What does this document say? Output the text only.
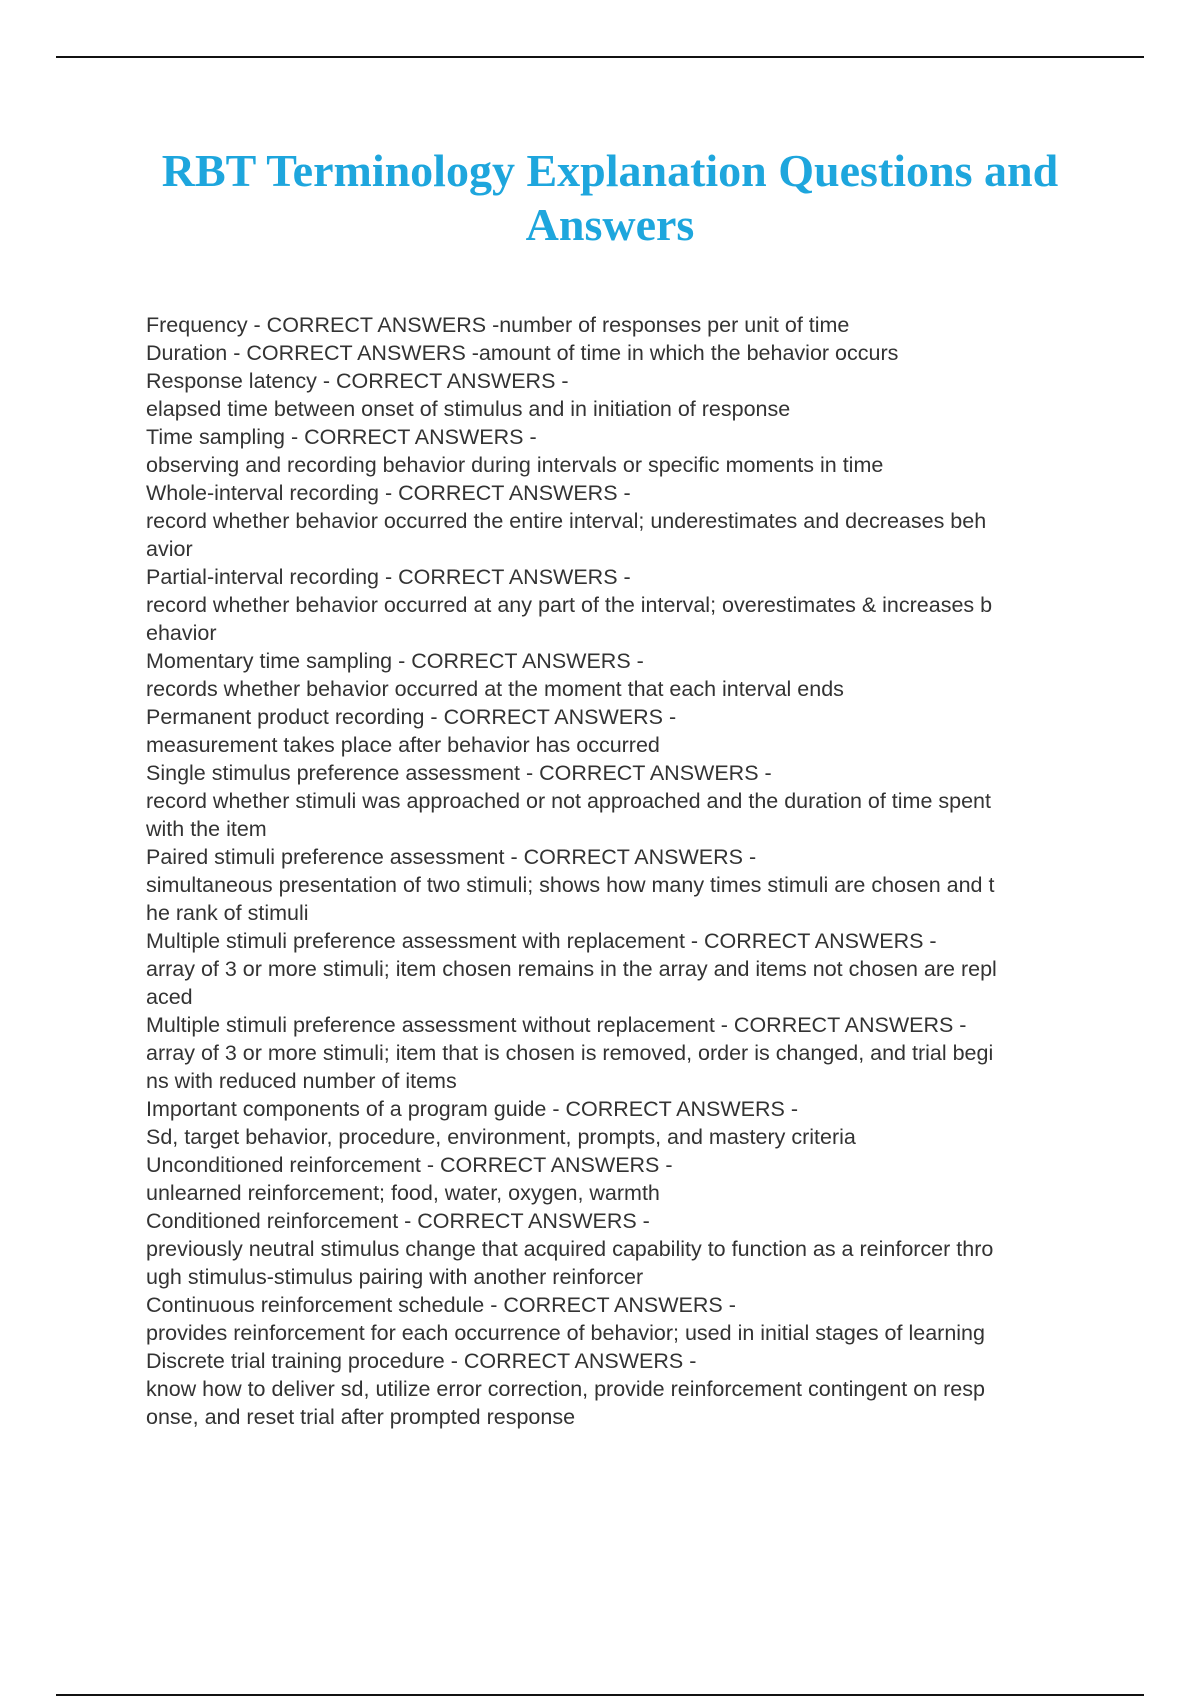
RBT Terminology Explanation Questions and
Answers
Frequency - CORRECT ANSWERS -number of responses per unit of time
Duration - CORRECT ANSWERS -amount of time in which the behavior occurs
Response latency - CORRECT ANSWERS -
elapsed time between onset of stimulus and in initiation of response
Time sampling - CORRECT ANSWERS -
observing and recording behavior during intervals or specific moments in time
Whole-interval recording - CORRECT ANSWERS -
record whether behavior occurred the entire interval; underestimates and decreases beh
avior
Partial-interval recording - CORRECT ANSWERS -
record whether behavior occurred at any part of the interval; overestimates & increases b
ehavior
Momentary time sampling - CORRECT ANSWERS -
records whether behavior occurred at the moment that each interval ends
Permanent product recording - CORRECT ANSWERS -
measurement takes place after behavior has occurred
Single stimulus preference assessment - CORRECT ANSWERS -
record whether stimuli was approached or not approached and the duration of time spent
with the item
Paired stimuli preference assessment - CORRECT ANSWERS -
simultaneous presentation of two stimuli; shows how many times stimuli are chosen and t
he rank of stimuli
Multiple stimuli preference assessment with replacement - CORRECT ANSWERS -
array of 3 or more stimuli; item chosen remains in the array and items not chosen are repl
aced
Multiple stimuli preference assessment without replacement - CORRECT ANSWERS -
array of 3 or more stimuli; item that is chosen is removed, order is changed, and trial begi
ns with reduced number of items
Important components of a program guide - CORRECT ANSWERS -
Sd, target behavior, procedure, environment, prompts, and mastery criteria
Unconditioned reinforcement - CORRECT ANSWERS -
unlearned reinforcement; food, water, oxygen, warmth
Conditioned reinforcement - CORRECT ANSWERS -
previously neutral stimulus change that acquired capability to function as a reinforcer thro
ugh stimulus-stimulus pairing with another reinforcer
Continuous reinforcement schedule - CORRECT ANSWERS -
provides reinforcement for each occurrence of behavior; used in initial stages of learning
Discrete trial training procedure - CORRECT ANSWERS -
know how to deliver sd, utilize error correction, provide reinforcement contingent on resp
onse, and reset trial after prompted response
